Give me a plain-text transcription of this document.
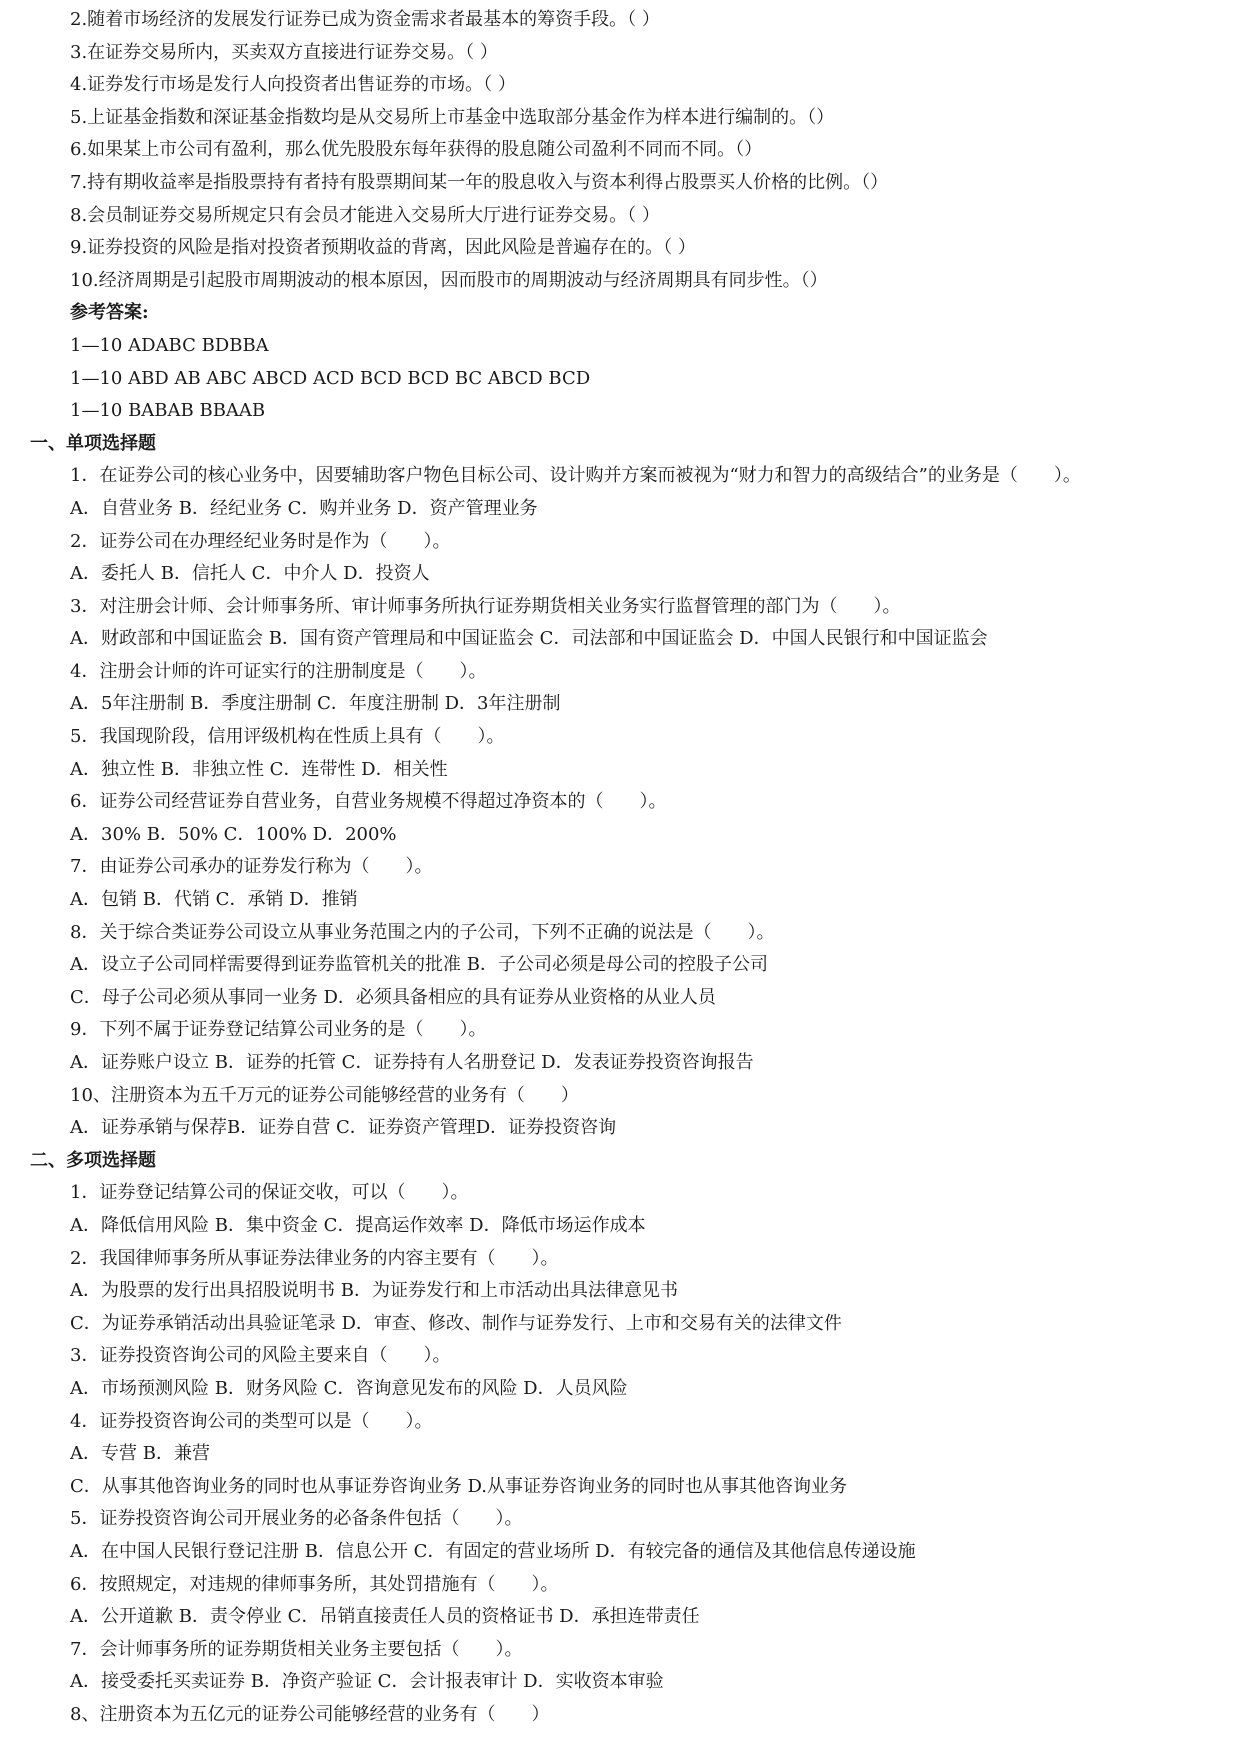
2.随着市场经济的发展发行证券已成为资金需求者最基本的筹资手段。（ ）
3.在证券交易所内，买卖双方直接进行证券交易。（ ）
4.证券发行市场是发行人向投资者出售证券的市场。（ ）
5.上证基金指数和深证基金指数均是从交易所上市基金中选取部分基金作为样本进行编制的。（）
6.如果某上市公司有盈利，那么优先股股东每年获得的股息随公司盈利不同而不同。（）
7.持有期收益率是指股票持有者持有股票期间某一年的股息收入与资本利得占股票买人价格的比例。（）
8.会员制证券交易所规定只有会员才能进入交易所大厅进行证券交易。（ ）
9.证券投资的风险是指对投资者预期收益的背离，因此风险是普遍存在的。（ ）
10.经济周期是引起股市周期波动的根本原因，因而股市的周期波动与经济周期具有同步性。（）
参考答案:
1—10 ADABC BDBBA
1—10 ABD AB ABC ABCD ACD BCD BCD BC ABCD BCD
1—10 BABAB BBAAB
一、单项选择题
1．在证券公司的核心业务中，因要辅助客户物色目标公司、设计购并方案而被视为“财力和智力的高级结合”的业务是（　　）。
A．自营业务 B．经纪业务 C．购并业务 D．资产管理业务
2．证券公司在办理经纪业务时是作为（　　）。
A．委托人 B．信托人 C．中介人 D．投资人
3．对注册会计师、会计师事务所、审计师事务所执行证券期货相关业务实行监督管理的部门为（　　）。
A．财政部和中国证监会 B．国有资产管理局和中国证监会 C．司法部和中国证监会 D．中国人民银行和中国证监会
4．注册会计师的许可证实行的注册制度是（　　）。
A．5年注册制 B．季度注册制 C．年度注册制 D．3年注册制
5．我国现阶段，信用评级机构在性质上具有（　　）。
A．独立性 B．非独立性 C．连带性 D．相关性
6．证券公司经营证券自营业务，自营业务规模不得超过净资本的（　　）。
A．30% B．50% C．100% D．200%
7．由证券公司承办的证券发行称为（　　）。
A．包销 B．代销 C．承销 D．推销
8．关于综合类证券公司设立从事业务范围之内的子公司，下列不正确的说法是（　　）。
A．设立子公司同样需要得到证券监管机关的批准 B．子公司必须是母公司的控股子公司
C．母子公司必须从事同一业务 D．必须具备相应的具有证券从业资格的从业人员
9．下列不属于证券登记结算公司业务的是（　　）。
A．证券账户设立 B．证券的托管 C．证券持有人名册登记 D．发表证券投资咨询报告
10、注册资本为五千万元的证券公司能够经营的业务有（　　）
A．证券承销与保荐B．证券自营 C．证券资产管理D．证券投资咨询
二、多项选择题
1．证券登记结算公司的保证交收，可以（　　）。
A．降低信用风险 B．集中资金 C．提高运作效率 D．降低市场运作成本
2．我国律师事务所从事证券法律业务的内容主要有（　　）。
A．为股票的发行出具招股说明书 B．为证券发行和上市活动出具法律意见书
C．为证券承销活动出具验证笔录 D．审查、修改、制作与证券发行、上市和交易有关的法律文件
3．证券投资咨询公司的风险主要来自（　　）。
A．市场预测风险 B．财务风险 C．咨询意见发布的风险 D．人员风险
4．证券投资咨询公司的类型可以是（　　）。
A．专营 B．兼营
C．从事其他咨询业务的同时也从事证券咨询业务 D.从事证券咨询业务的同时也从事其他咨询业务
5．证券投资咨询公司开展业务的必备条件包括（　　）。
A．在中国人民银行登记注册 B．信息公开 C．有固定的营业场所 D．有较完备的通信及其他信息传递设施
6．按照规定，对违规的律师事务所，其处罚措施有（　　）。
A．公开道歉 B．责令停业 C．吊销直接责任人员的资格证书 D．承担连带责任
7．会计师事务所的证券期货相关业务主要包括（　　）。
A．接受委托买卖证券 B．净资产验证 C．会计报表审计 D．实收资本审验
8、注册资本为五亿元的证券公司能够经营的业务有（　　）
